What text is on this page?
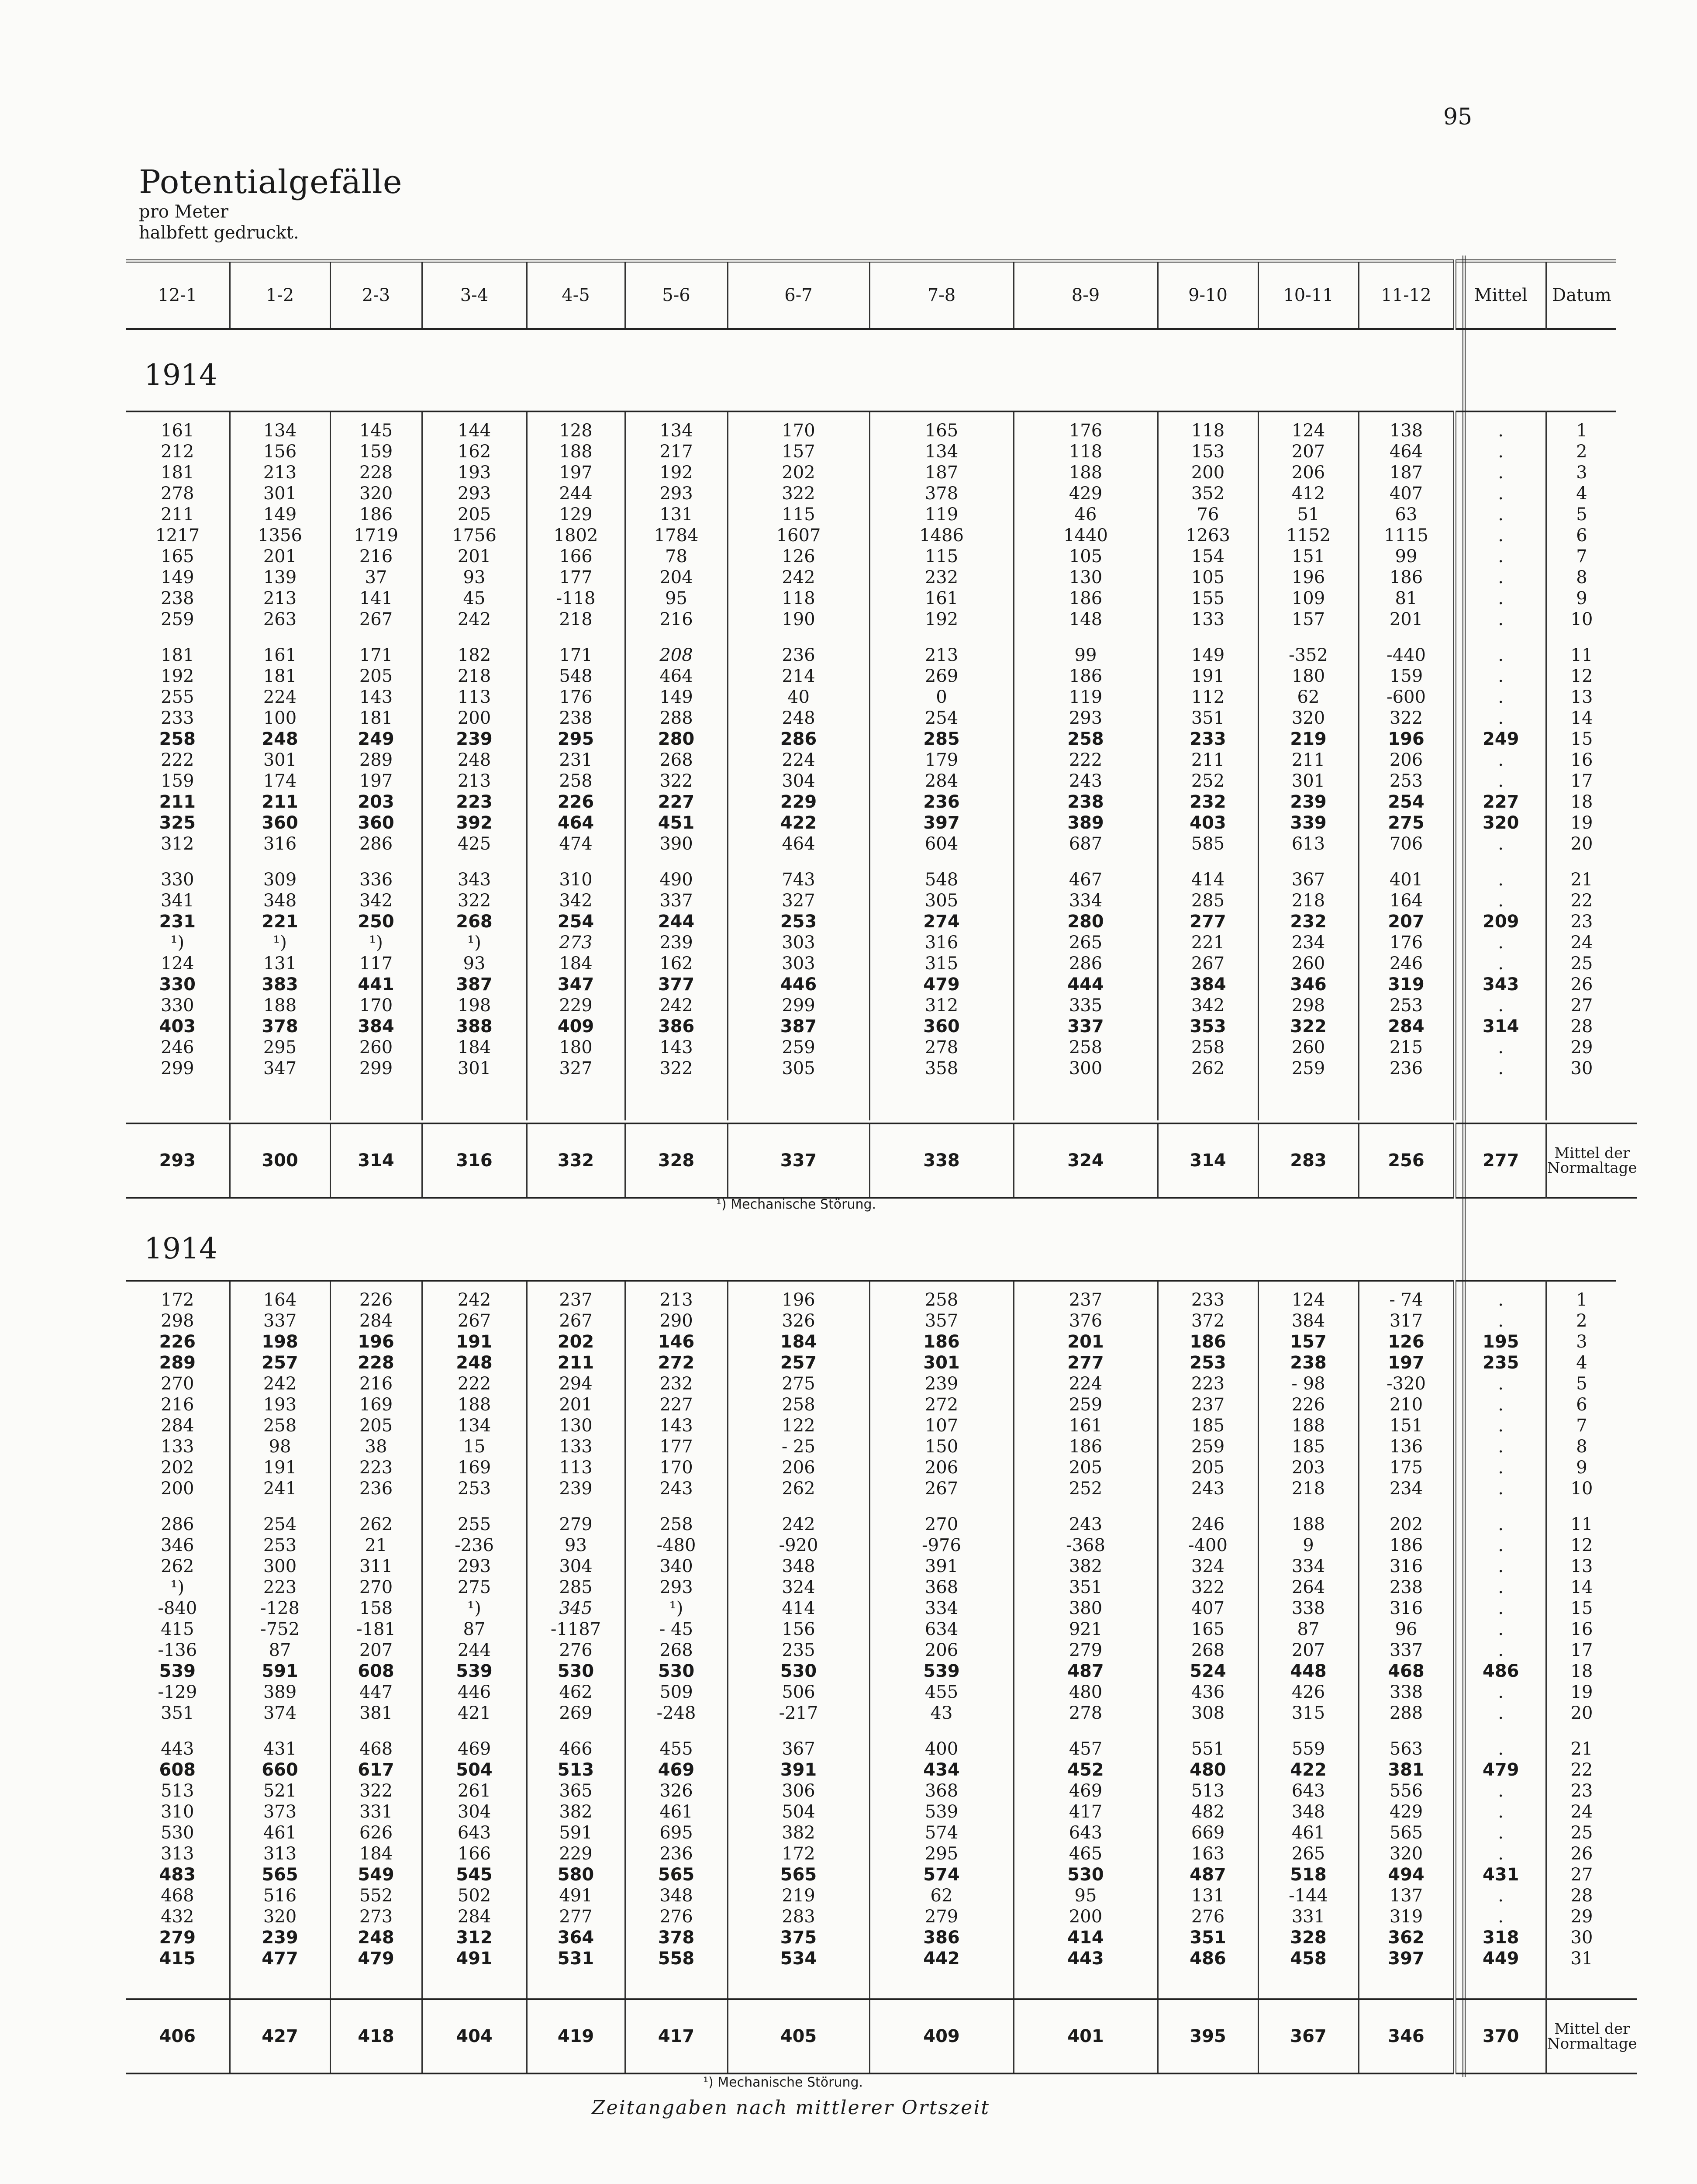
95
Potentialgefälle
pro Meter
halbfett gedruckt.
12-1	1-2	2-3	3-4	4-5	5-6	6-7	7-8	8-9	9-10	10-11	11-12	Mittel	Datum
1914

161	134	145	144	128	134	170	165	176	118	124	138	.	1
212	156	159	162	188	217	157	134	118	153	207	464	.	2
181	213	228	193	197	192	202	187	188	200	206	187	.	3
278	301	320	293	244	293	322	378	429	352	412	407	.	4
211	149	186	205	129	131	115	119	46	76	51	63	.	5
1217	1356	1719	1756	1802	1784	1607	1486	1440	1263	1152	1115	.	6
165	201	216	201	166	78	126	115	105	154	151	99	.	7
149	139	37	93	177	204	242	232	130	105	196	186	.	8
238	213	141	45	-118	95	118	161	186	155	109	81	.	9
259	263	267	242	218	216	190	192	148	133	157	201	.	10

181	161	171	182	171	208	236	213	99	149	-352	-440	.	11
192	181	205	218	548	464	214	269	186	191	180	159	.	12
255	224	143	113	176	149	40	0	119	112	62	-600	.	13
233	100	181	200	238	288	248	254	293	351	320	322	.	14
258	248	249	239	295	280	286	285	258	233	219	196	249	15
222	301	289	248	231	268	224	179	222	211	211	206	.	16
159	174	197	213	258	322	304	284	243	252	301	253	.	17
211	211	203	223	226	227	229	236	238	232	239	254	227	18
325	360	360	392	464	451	422	397	389	403	339	275	320	19
312	316	286	425	474	390	464	604	687	585	613	706	.	20

330	309	336	343	310	490	743	548	467	414	367	401	.	21
341	348	342	322	342	337	327	305	334	285	218	164	.	22
231	221	250	268	254	244	253	274	280	277	232	207	209	23
¹)	¹)	¹)	¹)	273	239	303	316	265	221	234	176	.	24
124	131	117	93	184	162	303	315	286	267	260	246	.	25
330	383	441	387	347	377	446	479	444	384	346	319	343	26
330	188	170	198	229	242	299	312	335	342	298	253	.	27
403	378	384	388	409	386	387	360	337	353	322	284	314	28
246	295	260	184	180	143	259	278	258	258	260	215	.	29
299	347	299	301	327	322	305	358	300	262	259	236	.	30

293	300	314	316	332	328	337	338	324	314	283	256	277	Mittel der Normaltage
¹) Mechanische Störung.
1914

172	164	226	242	237	213	196	258	237	233	124	- 74	.	1
298	337	284	267	267	290	326	357	376	372	384	317	.	2
226	198	196	191	202	146	184	186	201	186	157	126	195	3
289	257	228	248	211	272	257	301	277	253	238	197	235	4
270	242	216	222	294	232	275	239	224	223	- 98	-320	.	5
216	193	169	188	201	227	258	272	259	237	226	210	.	6
284	258	205	134	130	143	122	107	161	185	188	151	.	7
133	98	38	15	133	177	- 25	150	186	259	185	136	.	8
202	191	223	169	113	170	206	206	205	205	203	175	.	9
200	241	236	253	239	243	262	267	252	243	218	234	.	10

286	254	262	255	279	258	242	270	243	246	188	202	.	11
346	253	21	-236	93	-480	-920	-976	-368	-400	9	186	.	12
262	300	311	293	304	340	348	391	382	324	334	316	.	13
¹)	223	270	275	285	293	324	368	351	322	264	238	.	14
-840	-128	158	¹)	345	¹)	414	334	380	407	338	316	.	15
415	-752	-181	87	-1187	- 45	156	634	921	165	87	96	.	16
-136	87	207	244	276	268	235	206	279	268	207	337	.	17
539	591	608	539	530	530	530	539	487	524	448	468	486	18
-129	389	447	446	462	509	506	455	480	436	426	338	.	19
351	374	381	421	269	-248	-217	43	278	308	315	288	.	20

443	431	468	469	466	455	367	400	457	551	559	563	.	21
608	660	617	504	513	469	391	434	452	480	422	381	479	22
513	521	322	261	365	326	306	368	469	513	643	556	.	23
310	373	331	304	382	461	504	539	417	482	348	429	.	24
530	461	626	643	591	695	382	574	643	669	461	565	.	25
313	313	184	166	229	236	172	295	465	163	265	320	.	26
483	565	549	545	580	565	565	574	530	487	518	494	431	27
468	516	552	502	491	348	219	62	95	131	-144	137	.	28
432	320	273	284	277	276	283	279	200	276	331	319	.	29
279	239	248	312	364	378	375	386	414	351	328	362	318	30
415	477	479	491	531	558	534	442	443	486	458	397	449	31

406	427	418	404	419	417	405	409	401	395	367	346	370	Mittel der Normaltage
¹) Mechanische Störung.
Zeitangaben nach mittlerer Ortszeit
